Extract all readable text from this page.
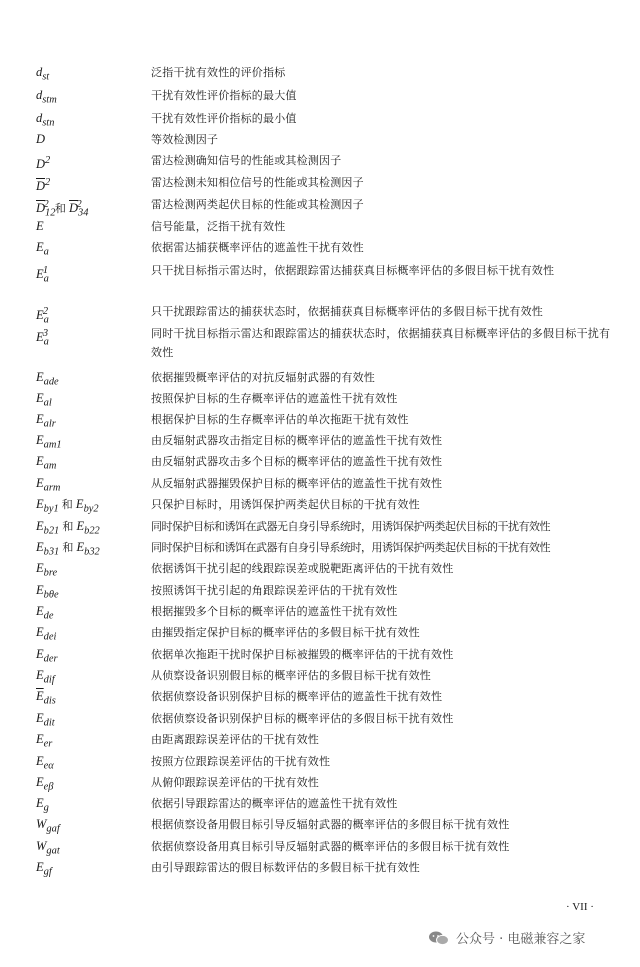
$d_{st}$	泛指干扰有效性的评价指标
$d_{stm}$	干扰有效性评价指标的最大值
$d_{stn}$	干扰有效性评价指标的最小值
D	等效检测因子
$D^2$	雷达检测确知信号的性能或其检测因子
$\overline{D}^2$	雷达检测未知相位信号的性能或其检测因子
$\overline{D}_{12}^2$ 和 $\overline{D}_{34}^2$	雷达检测两类起伏目标的性能或其检测因子
E	信号能量，泛指干扰有效性
$E_a$	依据雷达捕获概率评估的遮盖性干扰有效性
$E_a^1$	只干扰目标指示雷达时，依据跟踪雷达捕获真目标概率评估的多假目标干扰有效性
$E_a^2$	只干扰跟踪雷达的捕获状态时，依据捕获真目标概率评估的多假目标干扰有效性
$E_a^3$	同时干扰目标指示雷达和跟踪雷达的捕获状态时，依据捕获真目标概率评估的多假目标干扰有效性
$E_{ade}$	依据摧毁概率评估的对抗反辐射武器的有效性
$E_{al}$	按照保护目标的生存概率评估的遮盖性干扰有效性
$E_{alr}$	根据保护目标的生存概率评估的单次拖距干扰有效性
$E_{am1}$	由反辐射武器攻击指定目标的概率评估的遮盖性干扰有效性
$E_{am}$	由反辐射武器攻击多个目标的概率评估的遮盖性干扰有效性
$E_{arm}$	从反辐射武器摧毁保护目标的概率评估的遮盖性干扰有效性
$E_{by1}$ 和 $E_{by2}$	只保护目标时，用诱饵保护两类起伏目标的干扰有效性
$E_{b21}$ 和 $E_{b22}$	同时保护目标和诱饵在武器无自身引导系统时，用诱饵保护两类起伏目标的干扰有效性
$E_{b31}$ 和 $E_{b32}$	同时保护目标和诱饵在武器有自身引导系统时，用诱饵保护两类起伏目标的干扰有效性
$E_{bre}$	依据诱饵干扰引起的线跟踪误差或脱靶距离评估的干扰有效性
$E_{b\theta e}$	按照诱饵干扰引起的角跟踪误差评估的干扰有效性
$E_{de}$	根据摧毁多个目标的概率评估的遮盖性干扰有效性
$E_{dei}$	由摧毁指定保护目标的概率评估的多假目标干扰有效性
$E_{der}$	依据单次拖距干扰时保护目标被摧毁的概率评估的干扰有效性
$E_{dif}$	从侦察设备识别假目标的概率评估的多假目标干扰有效性
$\overline{E}_{dis}$	依据侦察设备识别保护目标的概率评估的遮盖性干扰有效性
$E_{dit}$	依据侦察设备识别保护目标的概率评估的多假目标干扰有效性
$E_{er}$	由距离跟踪误差评估的干扰有效性
$E_{e\alpha}$	按照方位跟踪误差评估的干扰有效性
$E_{e\beta}$	从俯仰跟踪误差评估的干扰有效性
$E_g$	依据引导跟踪雷达的概率评估的遮盖性干扰有效性
$W_{gaf}$	根据侦察设备用假目标引导反辐射武器的概率评估的多假目标干扰有效性
$W_{gat}$	依据侦察设备用真目标引导反辐射武器的概率评估的多假目标干扰有效性
$E_{gf}$	由引导跟踪雷达的假目标数评估的多假目标干扰有效性
· VII ·
公众号 · 电磁兼容之家
